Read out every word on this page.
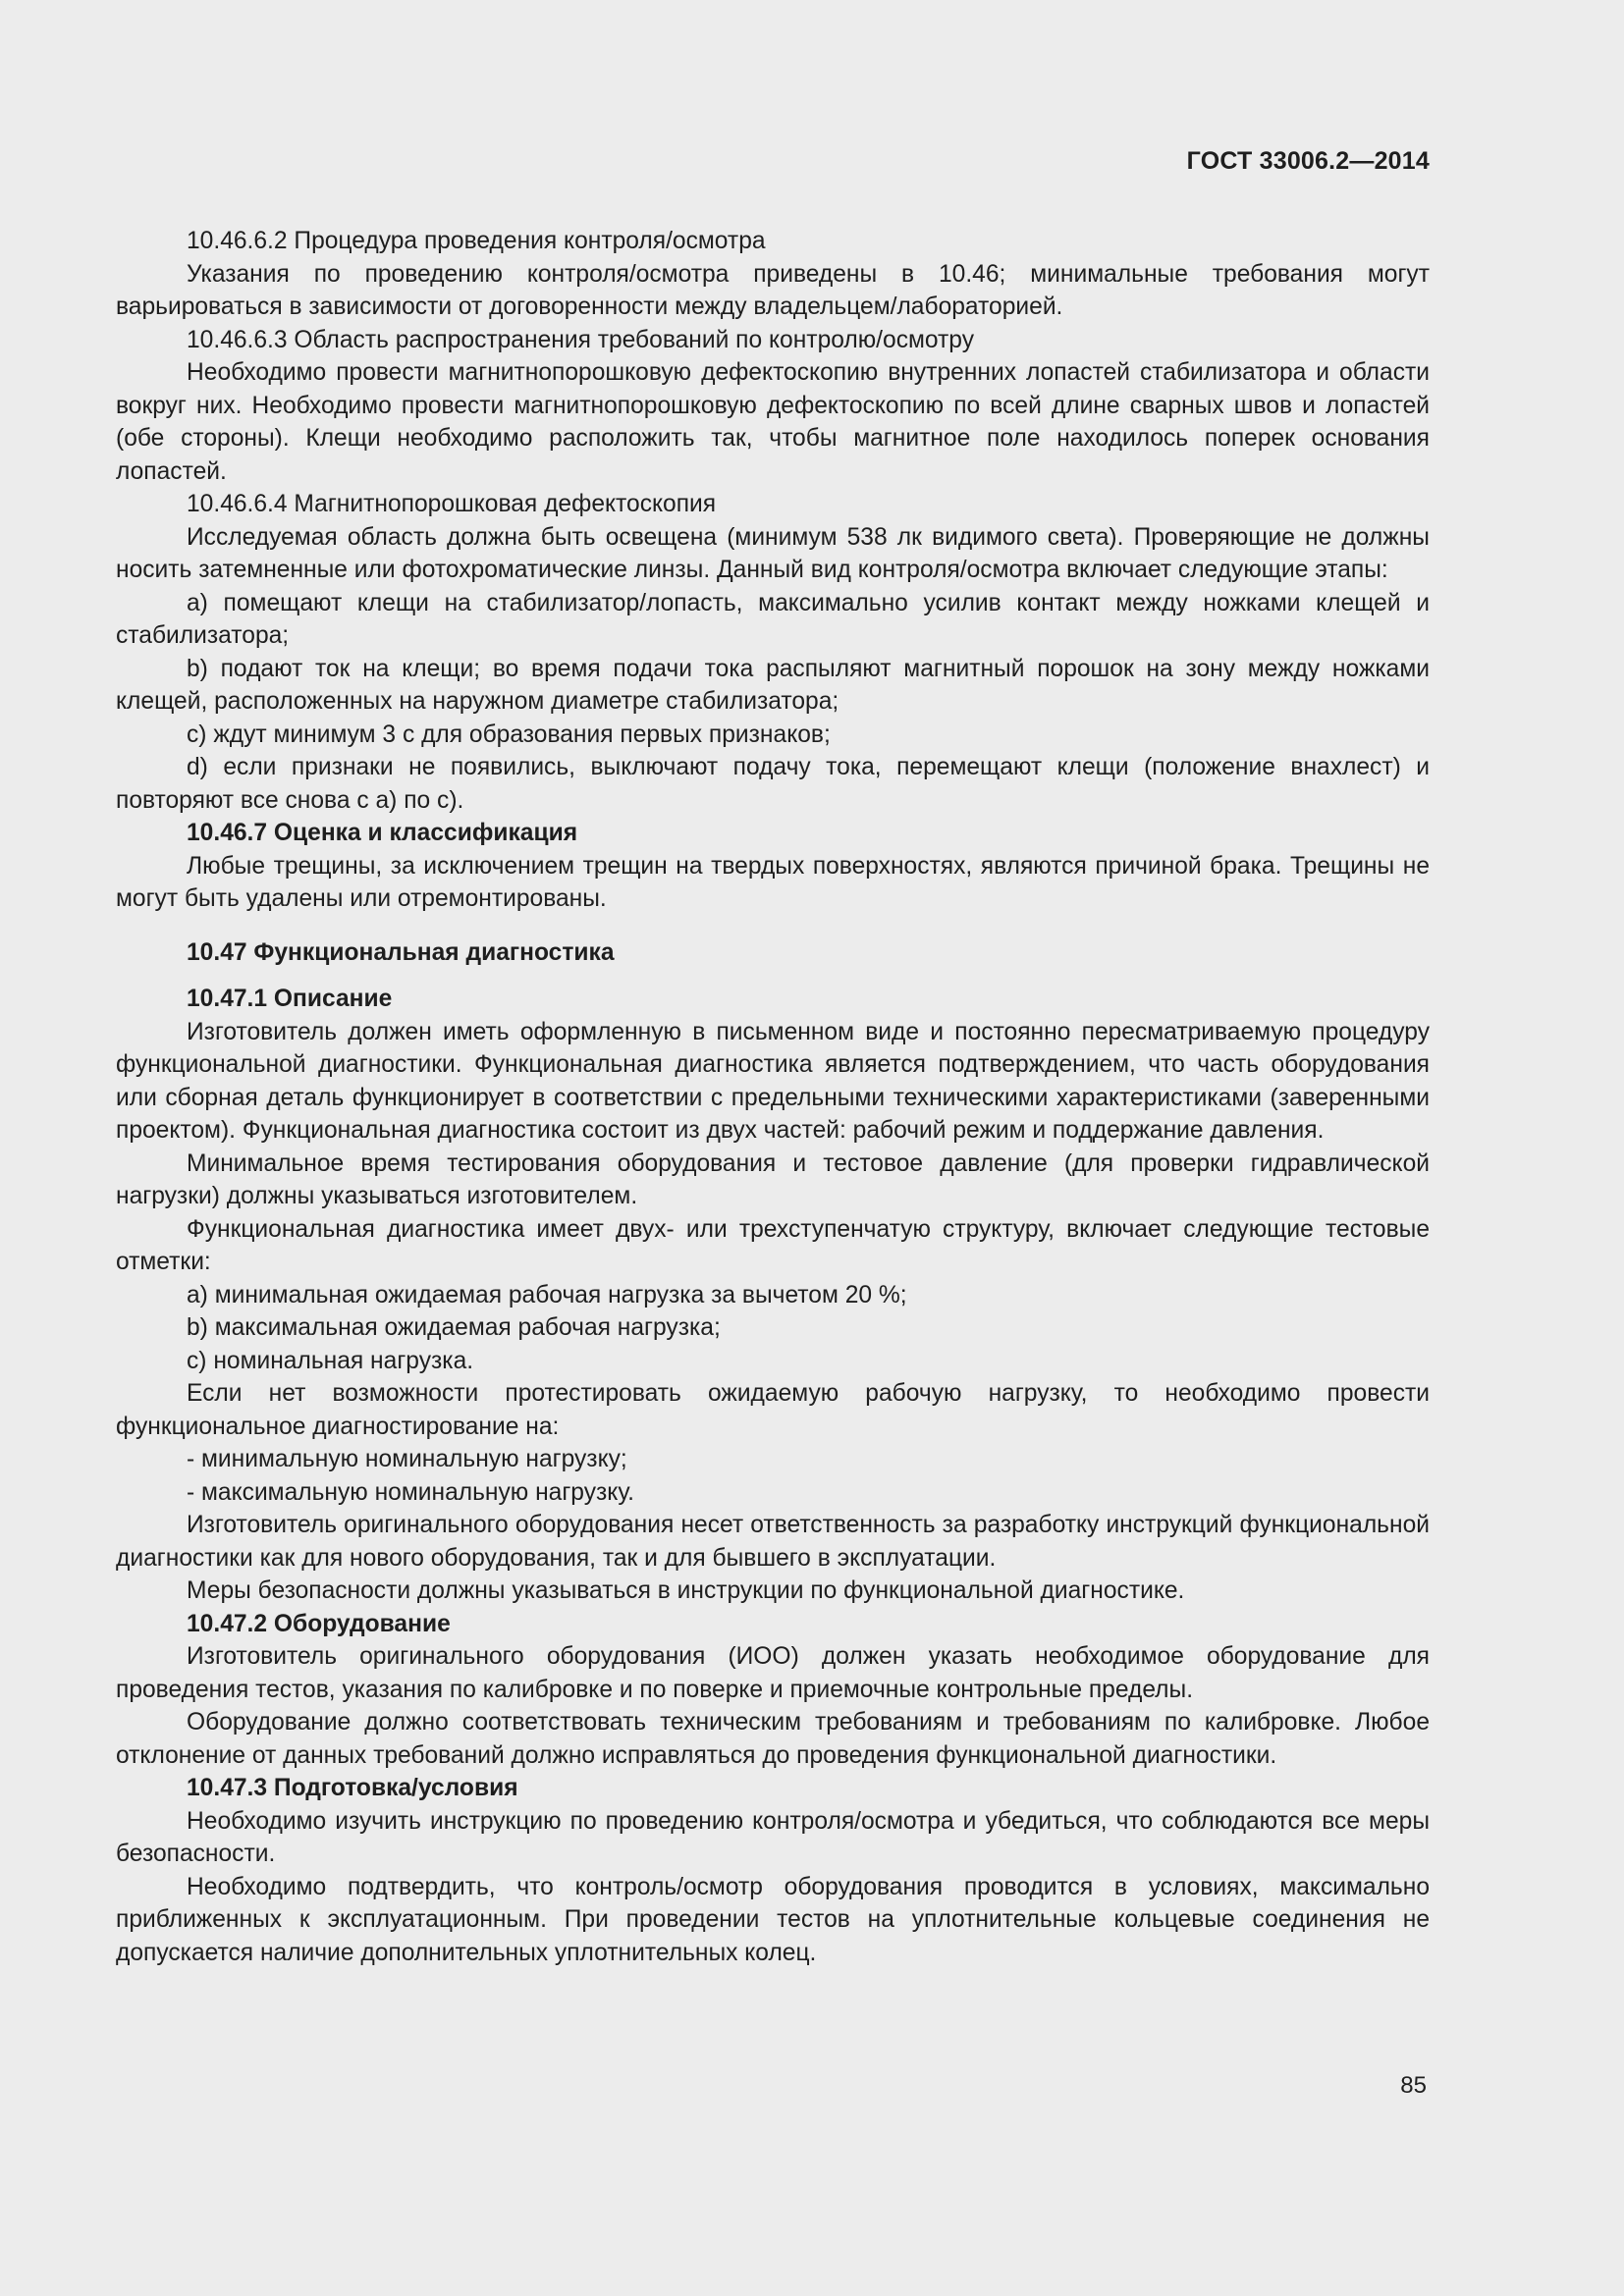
ГОСТ 33006.2—2014

10.46.6.2 Процедура проведения контроля/осмотра

Указания по проведению контроля/осмотра приведены в 10.46; минимальные требования могут варьироваться в зависимости от договоренности между владельцем/лабораторией.

10.46.6.3 Область распространения требований по контролю/осмотру

Необходимо провести магнитнопорошковую дефектоскопию внутренних лопастей стабилизатора и области вокруг них. Необходимо провести магнитнопорошковую дефектоскопию по всей длине сварных швов и лопастей (обе стороны). Клещи необходимо расположить так, чтобы магнитное поле находилось поперек основания лопастей.

10.46.6.4 Магнитнопорошковая дефектоскопия

Исследуемая область должна быть освещена (минимум 538 лк видимого света). Проверяющие не должны носить затемненные или фотохроматические линзы. Данный вид контроля/осмотра включает следующие этапы:

a) помещают клещи на стабилизатор/лопасть, максимально усилив контакт между ножками клещей и стабилизатора;

b) подают ток на клещи; во время подачи тока распыляют магнитный порошок на зону между ножками клещей, расположенных на наружном диаметре стабилизатора;

c) ждут минимум 3 с для образования первых признаков;

d) если признаки не появились, выключают подачу тока, перемещают клещи (положение внахлест) и повторяют все снова с a) по c).

10.46.7 Оценка и классификация

Любые трещины, за исключением трещин на твердых поверхностях, являются причиной брака. Трещины не могут быть удалены или отремонтированы.

10.47 Функциональная диагностика

10.47.1 Описание

Изготовитель должен иметь оформленную в письменном виде и постоянно пересматриваемую процедуру функциональной диагностики. Функциональная диагностика является подтверждением, что часть оборудования или сборная деталь функционирует в соответствии с предельными техническими характеристиками (заверенными проектом). Функциональная диагностика состоит из двух частей: рабочий режим и поддержание давления.

Минимальное время тестирования оборудования и тестовое давление (для проверки гидравлической нагрузки) должны указываться изготовителем.

Функциональная диагностика имеет двух- или трехступенчатую структуру, включает следующие тестовые отметки:

a) минимальная ожидаемая рабочая нагрузка за вычетом 20 %;

b) максимальная ожидаемая рабочая нагрузка;

c) номинальная нагрузка.

Если нет возможности протестировать ожидаемую рабочую нагрузку, то необходимо провести функциональное диагностирование на:

- минимальную номинальную нагрузку;

- максимальную номинальную нагрузку.

Изготовитель оригинального оборудования несет ответственность за разработку инструкций функциональной диагностики как для нового оборудования, так и для бывшего в эксплуатации.

Меры безопасности должны указываться в инструкции по функциональной диагностике.

10.47.2 Оборудование

Изготовитель оригинального оборудования (ИОО) должен указать необходимое оборудование для проведения тестов, указания по калибровке и по поверке и приемочные контрольные пределы.

Оборудование должно соответствовать техническим требованиям и требованиям по калибровке. Любое отклонение от данных требований должно исправляться до проведения функциональной диагностики.

10.47.3 Подготовка/условия

Необходимо изучить инструкцию по проведению контроля/осмотра и убедиться, что соблюдаются все меры безопасности.

Необходимо подтвердить, что контроль/осмотр оборудования проводится в условиях, максимально приближенных к эксплуатационным. При проведении тестов на уплотнительные кольцевые соединения не допускается наличие дополнительных уплотнительных колец.

85
